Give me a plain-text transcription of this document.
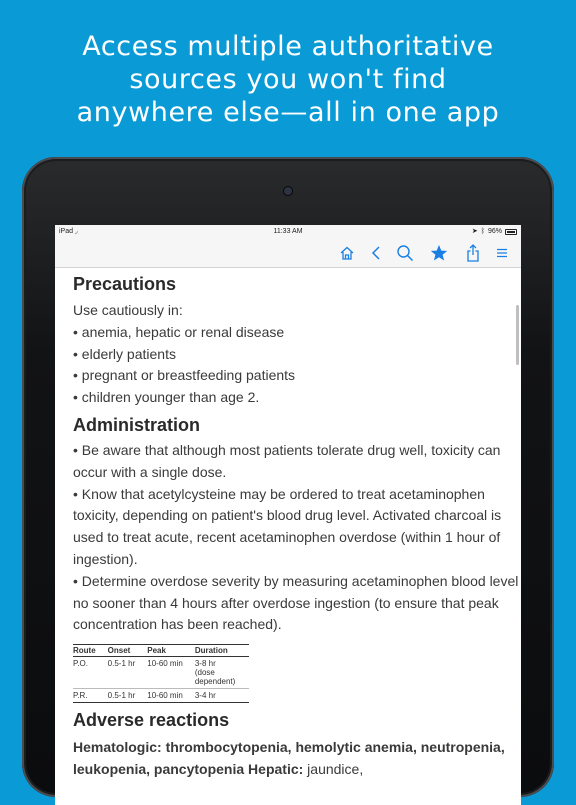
Access multiple authoritative
sources you won't find
anywhere else—all in one app
iPad ◞	11:33 AM	➤ ᛒ 96%
Precautions
Use cautiously in:
• anemia, hepatic or renal disease
• elderly patients
• pregnant or breastfeeding patients
• children younger than age 2.
Administration
• Be aware that although most patients tolerate drug well, toxicity can occur with a single dose.
• Know that acetylcysteine may be ordered to treat acetaminophen toxicity, depending on patient's blood drug level. Activated charcoal is used to treat acute, recent acetaminophen overdose (within 1 hour of ingestion).
• Determine overdose severity by measuring acetaminophen blood level no sooner than 4 hours after overdose ingestion (to ensure that peak concentration has been reached).
Route	Onset	Peak	Duration
P.O.	0.5-1 hr	10-60 min	3-8 hr (dose dependent)
P.R.	0.5-1 hr	10-60 min	3-4 hr
Adverse reactions
Hematologic: thrombocytopenia, hemolytic anemia, neutropenia, leukopenia, pancytopenia Hepatic: jaundice,
